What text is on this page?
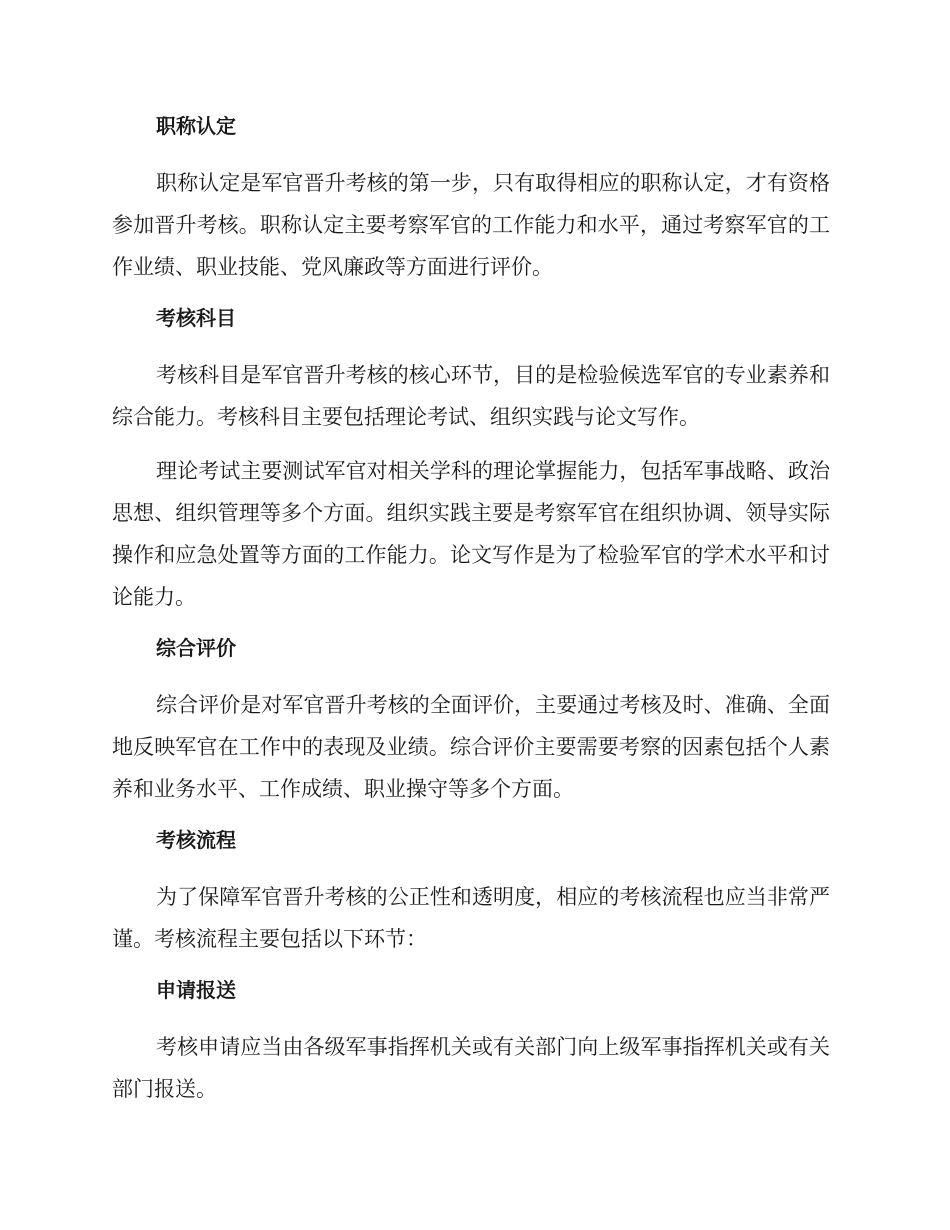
职称认定

职称认定是军官晋升考核的第一步，只有取得相应的职称认定，才有资格参加晋升考核。职称认定主要考察军官的工作能力和水平，通过考察军官的工作业绩、职业技能、党风廉政等方面进行评价。

考核科目

考核科目是军官晋升考核的核心环节，目的是检验候选军官的专业素养和综合能力。考核科目主要包括理论考试、组织实践与论文写作。

理论考试主要测试军官对相关学科的理论掌握能力，包括军事战略、政治思想、组织管理等多个方面。组织实践主要是考察军官在组织协调、领导实际操作和应急处置等方面的工作能力。论文写作是为了检验军官的学术水平和讨论能力。

综合评价

综合评价是对军官晋升考核的全面评价，主要通过考核及时、准确、全面地反映军官在工作中的表现及业绩。综合评价主要需要考察的因素包括个人素养和业务水平、工作成绩、职业操守等多个方面。

考核流程

为了保障军官晋升考核的公正性和透明度，相应的考核流程也应当非常严谨。考核流程主要包括以下环节：

申请报送

考核申请应当由各级军事指挥机关或有关部门向上级军事指挥机关或有关部门报送。
